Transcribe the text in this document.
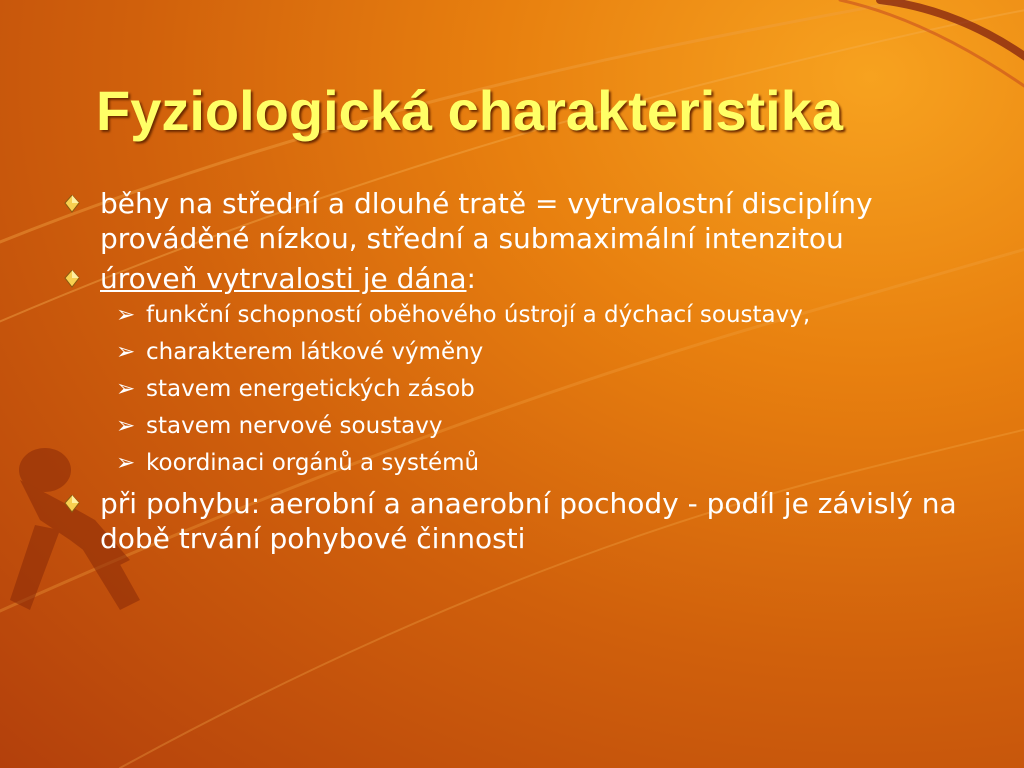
Fyziologická charakteristika
běhy na střední a dlouhé tratě = vytrvalostní disciplíny prováděné nízkou, střední a submaximální intenzitou
úroveň vytrvalosti je dána:
➢ funkční schopností oběhového ústrojí a dýchací soustavy,
➢ charakterem látkové výměny
➢ stavem energetických zásob
➢ stavem nervové soustavy
➢ koordinaci orgánů a systémů
při pohybu: aerobní a anaerobní pochody - podíl je závislý na době trvání pohybové činnosti
